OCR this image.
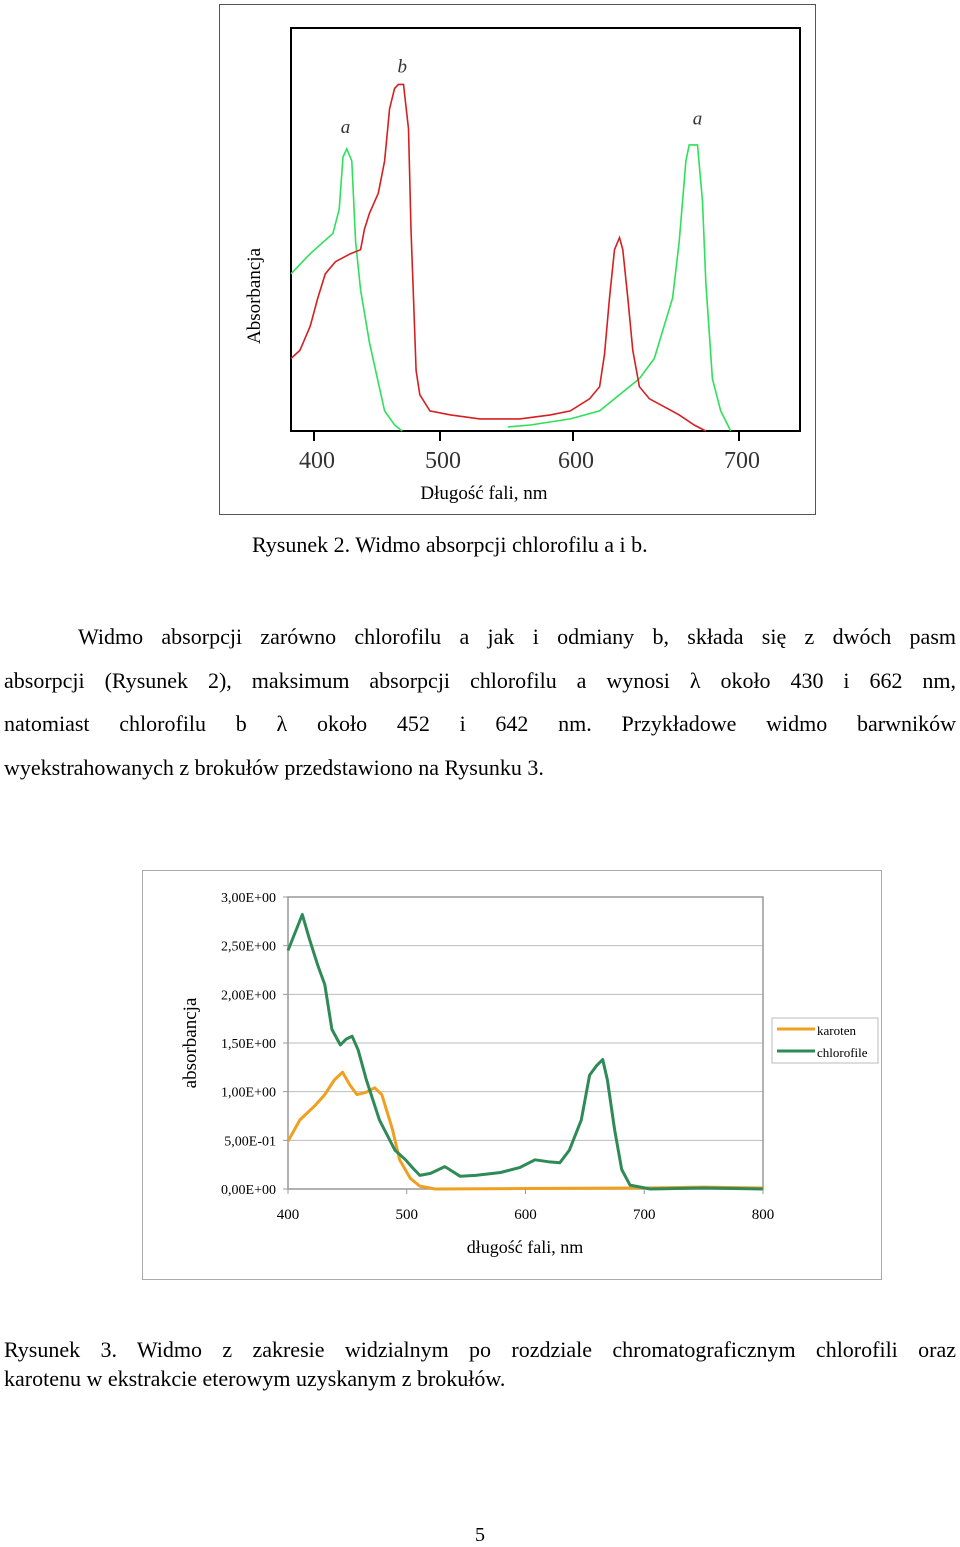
400	500	600	700
a
b
a
Długość fali, nm
Absorbancja
Rysunek 2. Widmo absorpcji chlorofilu a i b.
Widmo absorpcji zarówno chlorofilu a jak i odmiany b, składa się z dwóch pasm
absorpcji (Rysunek 2), maksimum absorpcji chlorofilu a wynosi λ około 430 i 662 nm,
natomiast chlorofilu b λ około 452 i 642 nm. Przykładowe widmo barwników
wyekstrahowanych z brokułów przedstawiono na Rysunku 3.
0,00E+00
5,00E-01
1,00E+00
1,50E+00
2,00E+00
2,50E+00
3,00E+00
400	500	600	700	800
długość fali, nm
absorbancja	karoten
chlorofile
Rysunek 3. Widmo z zakresie widzialnym po rozdziale chromatograficznym chlorofili oraz
karotenu w ekstrakcie eterowym uzyskanym z brokułów.
5
